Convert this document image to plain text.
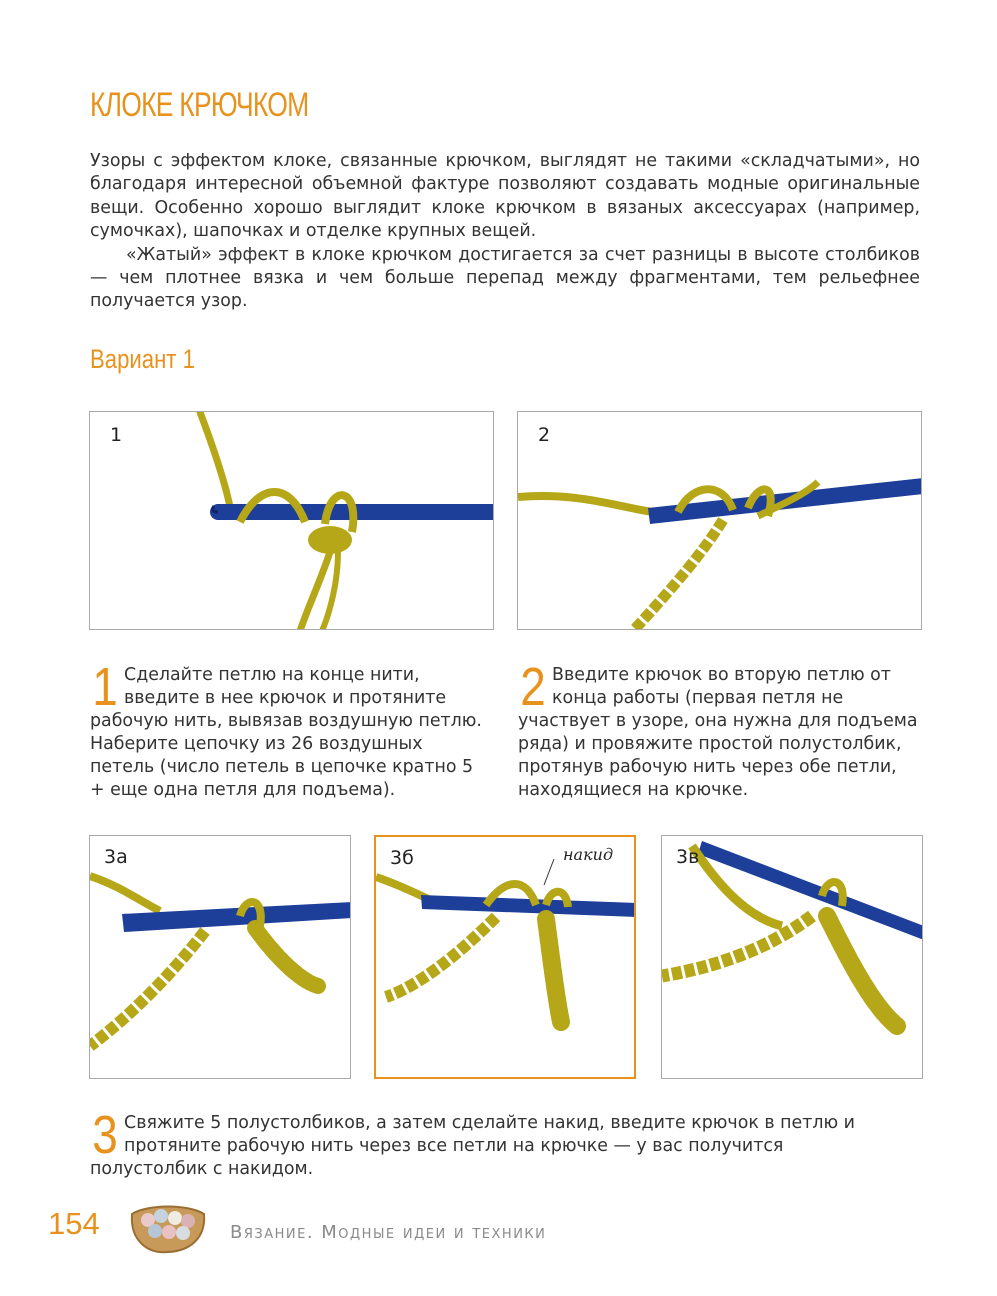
КЛОКЕ КРЮЧКОМ

Узоры с эффектом клоке, связанные крючком, выглядят не такими «складчатыми», но благодаря интересной объемной фактуре позволяют создавать модные оригинальные вещи. Особенно хорошо выглядит клоке крючком в вязаных аксессуарах (например, сумочках), шапочках и отделке крупных вещей.

«Жатый» эффект в клоке крючком достигается за счет разницы в высоте столбиков — чем плотнее вязка и чем больше перепад между фрагментами, тем рельефнее получается узор.

Вариант 1
1	2
1 Сделайте петлю на конце нити, введите в нее крючок и протяните рабочую нить, вывязав воздушную петлю. Наберите цепочку из 26 воздушных петель (число петель в цепочке кратно 5 + еще одна петля для подъема).
2 Введите крючок во вторую петлю от конца работы (первая петля не участвует в узоре, она нужна для подъема ряда) и провяжите простой полустолбик, протянув рабочую нить через обе петли, находящиеся на крючке.
3а	3б	накид	3в
3 Свяжите 5 полустолбиков, а затем сделайте накид, введите крючок в петлю и протяните рабочую нить через все петли на крючке — у вас получится полустолбик с накидом.
154	Вязание. Модные идеи и техники
